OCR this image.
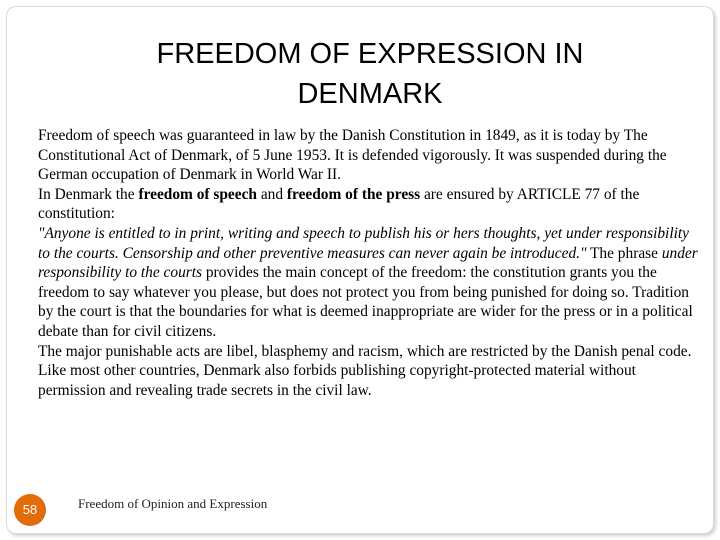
FREEDOM OF EXPRESSION IN
DENMARK

Freedom of speech was guaranteed in law by the Danish Constitution in 1849, as it is today by The Constitutional Act of Denmark, of 5 June 1953. It is defended vigorously. It was suspended during the German occupation of Denmark in World War II.

In Denmark the freedom of speech and freedom of the press are ensured by ARTICLE 77 of the constitution:

"Anyone is entitled to in print, writing and speech to publish his or hers thoughts, yet under responsibility to the courts. Censorship and other preventive measures can never again be introduced." The phrase under responsibility to the courts provides the main concept of the freedom: the constitution grants you the freedom to say whatever you please, but does not protect you from being punished for doing so. Tradition by the court is that the boundaries for what is deemed inappropriate are wider for the press or in a political debate than for civil citizens.

The major punishable acts are libel, blasphemy and racism, which are restricted by the Danish penal code. Like most other countries, Denmark also forbids publishing copyright-protected material without permission and revealing trade secrets in the civil law.

58	Freedom of Opinion and Expression
